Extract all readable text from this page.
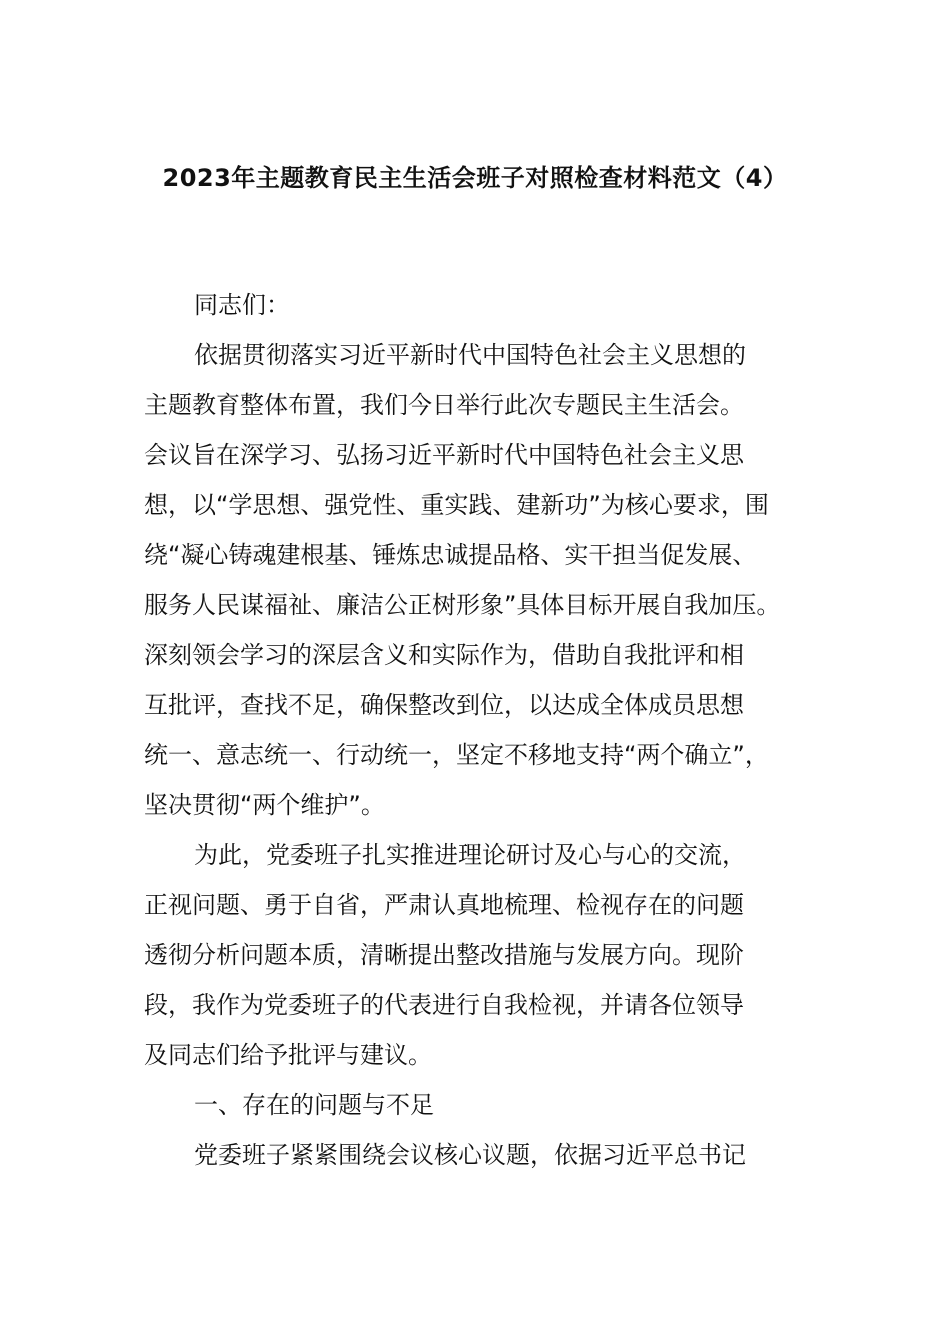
2023年主题教育民主生活会班子对照检查材料范文（4）
同志们：
依据贯彻落实习近平新时代中国特色社会主义思想的
主题教育整体布置，我们今日举行此次专题民主生活会。
会议旨在深学习、弘扬习近平新时代中国特色社会主义思
想，以“学思想、强党性、重实践、建新功”为核心要求，围
绕“凝心铸魂建根基、锤炼忠诚提品格、实干担当促发展、
服务人民谋福祉、廉洁公正树形象”具体目标开展自我加压。
深刻领会学习的深层含义和实际作为，借助自我批评和相
互批评，查找不足，确保整改到位，以达成全体成员思想
统一、意志统一、行动统一，坚定不移地支持“两个确立”，
坚决贯彻“两个维护”。
为此，党委班子扎实推进理论研讨及心与心的交流，
正视问题、勇于自省，严肃认真地梳理、检视存在的问题
透彻分析问题本质，清晰提出整改措施与发展方向。现阶
段，我作为党委班子的代表进行自我检视，并请各位领导
及同志们给予批评与建议。
一、存在的问题与不足
党委班子紧紧围绕会议核心议题，依据习近平总书记
